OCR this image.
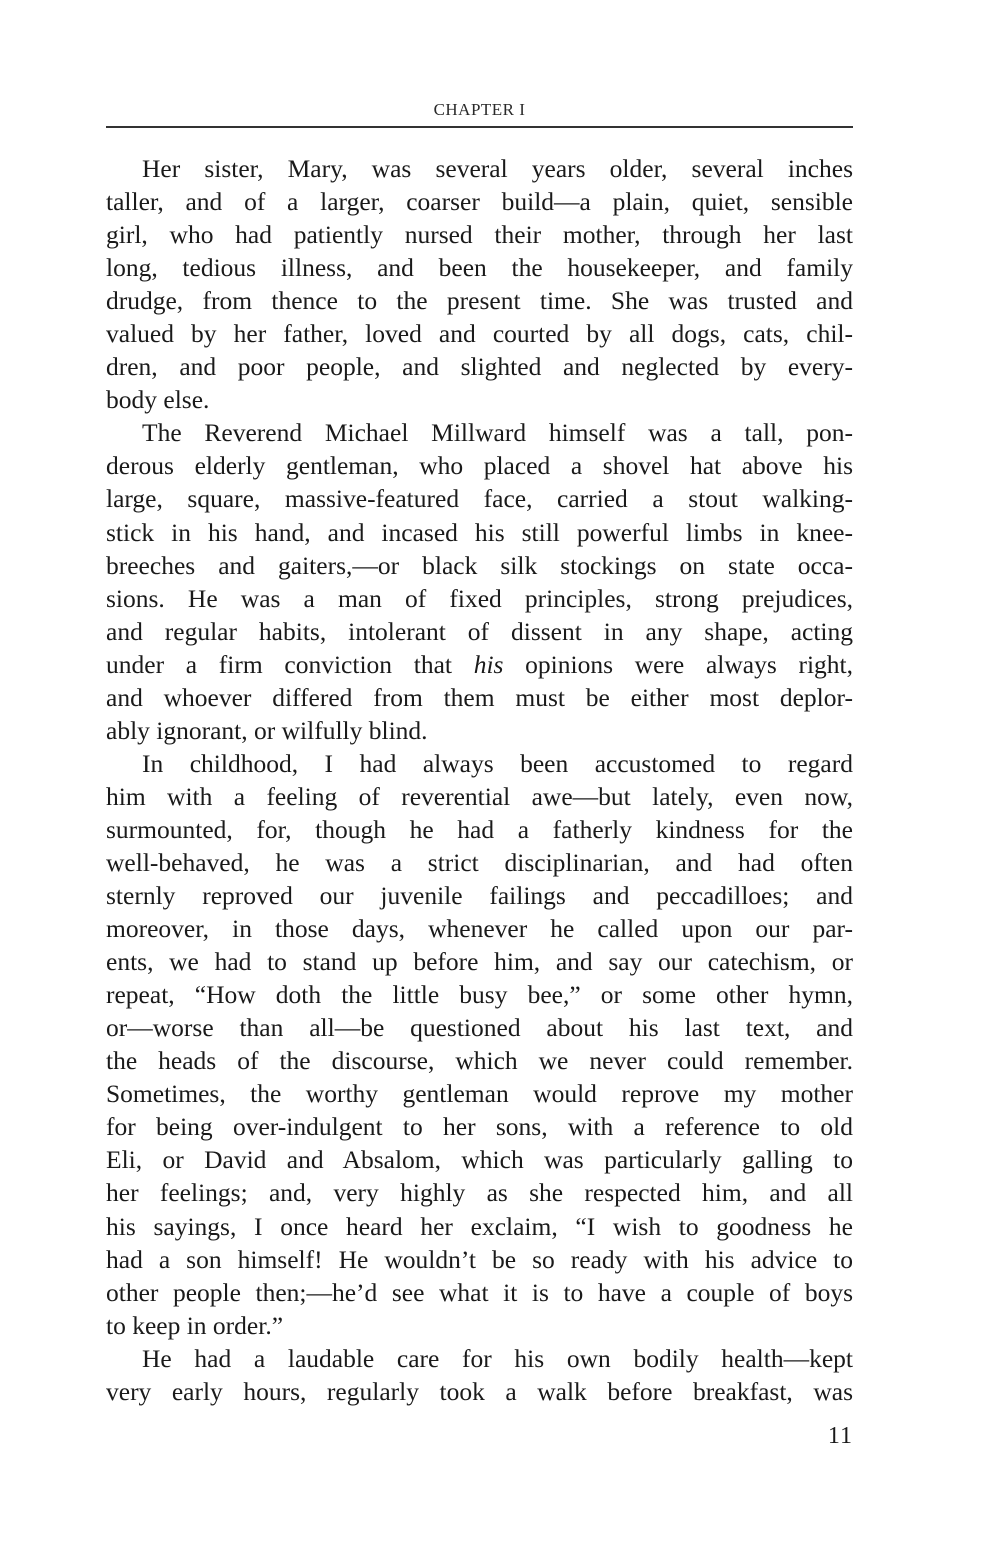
CHAPTER I
Her sister, Mary, was several years older, several inches
taller, and of a larger, coarser build—a plain, quiet, sensible
girl, who had patiently nursed their mother, through her last
long, tedious illness, and been the housekeeper, and family
drudge, from thence to the present time. She was trusted and
valued by her father, loved and courted by all dogs, cats, chil-
dren, and poor people, and slighted and neglected by every-
body else.
The Reverend Michael Millward himself was a tall, pon-
derous elderly gentleman, who placed a shovel hat above his
large, square, massive-featured face, carried a stout walking-
stick in his hand, and incased his still powerful limbs in knee-
breeches and gaiters,—or black silk stockings on state occa-
sions. He was a man of fixed principles, strong prejudices,
and regular habits, intolerant of dissent in any shape, acting
under a firm conviction that his opinions were always right,
and whoever differed from them must be either most deplor-
ably ignorant, or wilfully blind.
In childhood, I had always been accustomed to regard
him with a feeling of reverential awe—but lately, even now,
surmounted, for, though he had a fatherly kindness for the
well-behaved, he was a strict disciplinarian, and had often
sternly reproved our juvenile failings and peccadilloes; and
moreover, in those days, whenever he called upon our par-
ents, we had to stand up before him, and say our catechism, or
repeat, “How doth the little busy bee,” or some other hymn,
or—worse than all—be questioned about his last text, and
the heads of the discourse, which we never could remember.
Sometimes, the worthy gentleman would reprove my mother
for being over-indulgent to her sons, with a reference to old
Eli, or David and Absalom, which was particularly galling to
her feelings; and, very highly as she respected him, and all
his sayings, I once heard her exclaim, “I wish to goodness he
had a son himself! He wouldn’t be so ready with his advice to
other people then;—he’d see what it is to have a couple of boys
to keep in order.”
He had a laudable care for his own bodily health—kept
very early hours, regularly took a walk before breakfast, was
11
